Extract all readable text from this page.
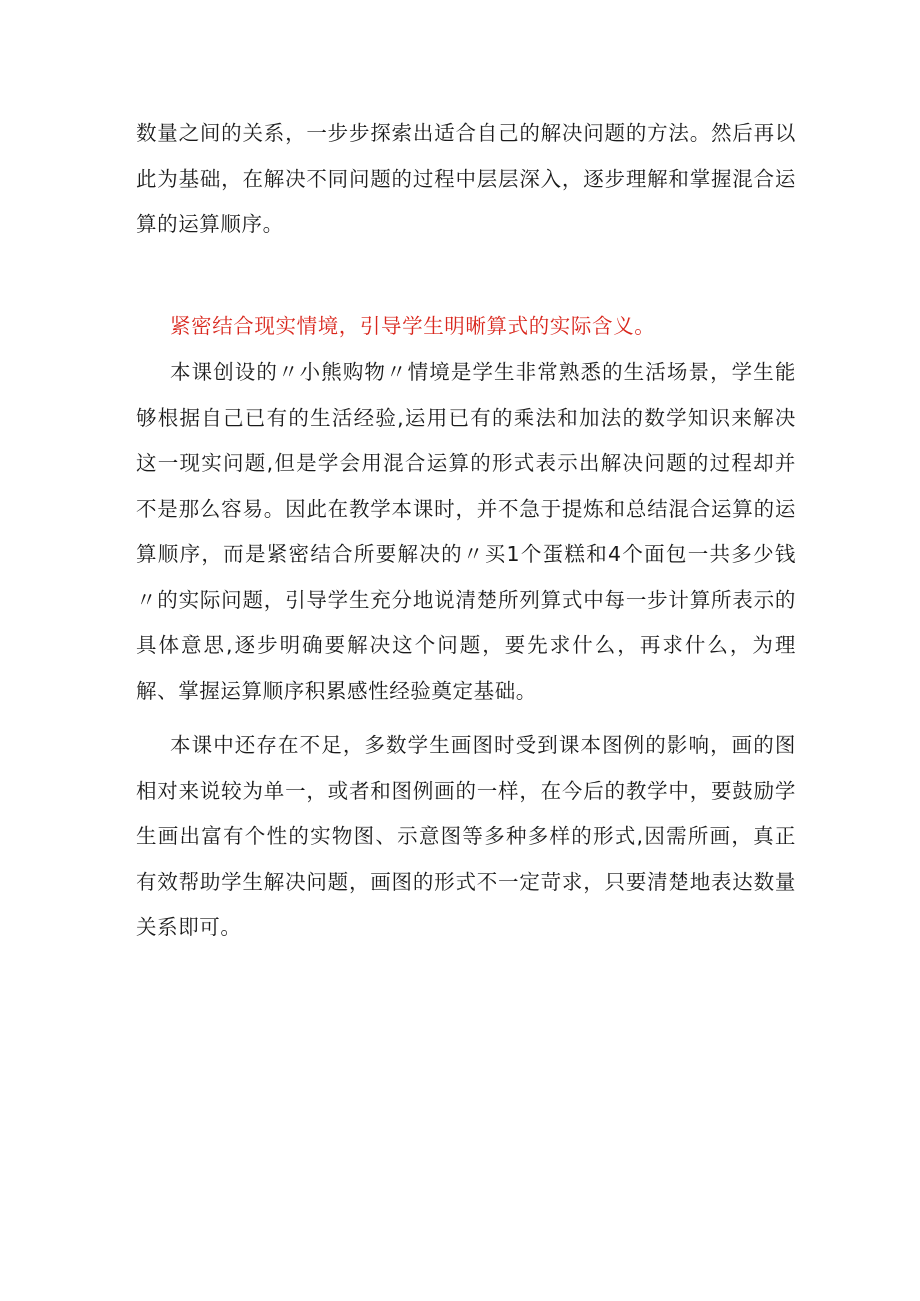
数量之间的关系，一步步探索出适合自己的解决问题的方法。然后再以此为基础，在解决不同问题的过程中层层深入，逐步理解和掌握混合运算的运算顺序。

紧密结合现实情境，引导学生明晰算式的实际含义。

本课创设的〃小熊购物〃情境是学生非常熟悉的生活场景，学生能够根据自己已有的生活经验,运用已有的乘法和加法的数学知识来解决这一现实问题,但是学会用混合运算的形式表示出解决问题的过程却并不是那么容易。因此在教学本课时，并不急于提炼和总结混合运算的运算顺序，而是紧密结合所要解决的〃买1个蛋糕和4个面包一共多少钱〃的实际问题，引导学生充分地说清楚所列算式中每一步计算所表示的具体意思,逐步明确要解决这个问题，要先求什么，再求什么，为理解、掌握运算顺序积累感性经验奠定基础。

本课中还存在不足，多数学生画图时受到课本图例的影响，画的图相对来说较为单一，或者和图例画的一样，在今后的教学中，要鼓励学生画出富有个性的实物图、示意图等多种多样的形式,因需所画，真正有效帮助学生解决问题，画图的形式不一定苛求，只要清楚地表达数量关系即可。
